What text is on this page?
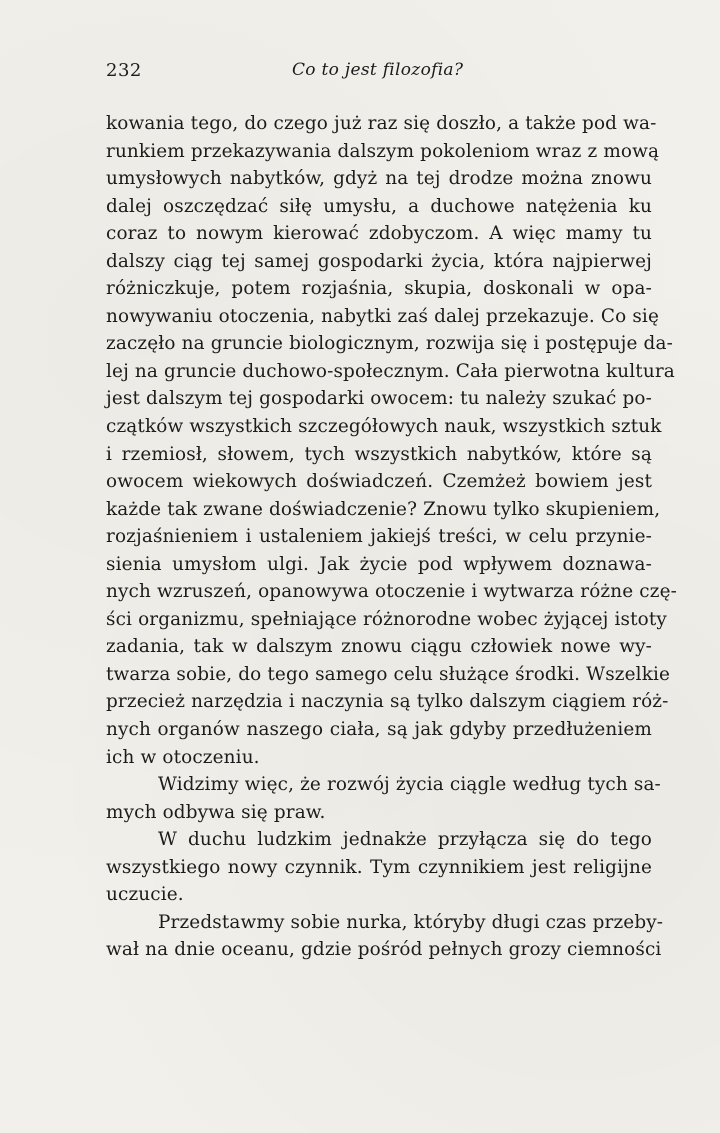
232	Co to jest filozofia?
kowania tego, do czego już raz się doszło, a także pod wa-
runkiem przekazywania dalszym pokoleniom wraz z mową
umysłowych nabytków, gdyż na tej drodze można znowu
dalej oszczędzać siłę umysłu, a duchowe natężenia ku
coraz to nowym kierować zdobyczom. A więc mamy tu
dalszy ciąg tej samej gospodarki życia, która najpierwej
różniczkuje, potem rozjaśnia, skupia, doskonali w opa-
nowywaniu otoczenia, nabytki zaś dalej przekazuje. Co się
zaczęło na gruncie biologicznym, rozwija się i postępuje da-
lej na gruncie duchowo-społecznym. Cała pierwotna kultura
jest dalszym tej gospodarki owocem: tu należy szukać po-
czątków wszystkich szczegółowych nauk, wszystkich sztuk
i rzemiosł, słowem, tych wszystkich nabytków, które są
owocem wiekowych doświadczeń. Czemżeż bowiem jest
każde tak zwane doświadczenie? Znowu tylko skupieniem,
rozjaśnieniem i ustaleniem jakiejś treści, w celu przynie-
sienia umysłom ulgi. Jak życie pod wpływem doznawa-
nych wzruszeń, opanowywa otoczenie i wytwarza różne czę-
ści organizmu, spełniające różnorodne wobec żyjącej istoty
zadania, tak w dalszym znowu ciągu człowiek nowe wy-
twarza sobie, do tego samego celu służące środki. Wszelkie
przecież narzędzia i naczynia są tylko dalszym ciągiem róż-
nych organów naszego ciała, są jak gdyby przedłużeniem
ich w otoczeniu.
Widzimy więc, że rozwój życia ciągle według tych sa-
mych odbywa się praw.
W duchu ludzkim jednakże przyłącza się do tego
wszystkiego nowy czynnik. Tym czynnikiem jest religijne
uczucie.
Przedstawmy sobie nurka, któryby długi czas przeby-
wał na dnie oceanu, gdzie pośród pełnych grozy ciemności
